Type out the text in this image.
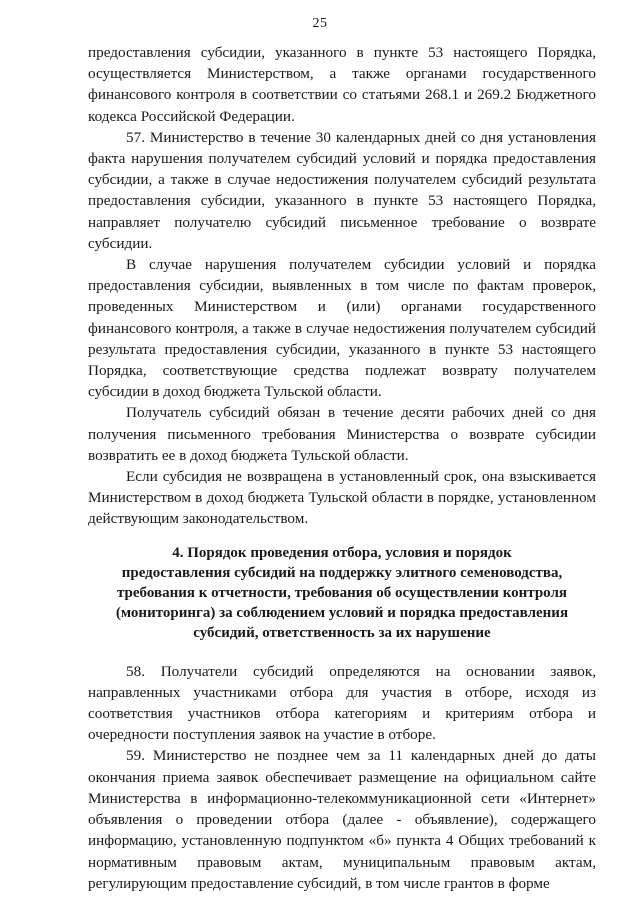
25

предоставления субсидии, указанного в пункте 53 настоящего Порядка, осуществляется Министерством, а также органами государственного финансового контроля в соответствии со статьями 268.1 и 269.2 Бюджетного кодекса Российской Федерации.

57. Министерство в течение 30 календарных дней со дня установления факта нарушения получателем субсидий условий и порядка предоставления субсидии, а также в случае недостижения получателем субсидий результата предоставления субсидии, указанного в пункте 53 настоящего Порядка, направляет получателю субсидий письменное требование о возврате субсидии.

В случае нарушения получателем субсидии условий и порядка предоставления субсидии, выявленных в том числе по фактам проверок, проведенных Министерством и (или) органами государственного финансового контроля, а также в случае недостижения получателем субсидий результата предоставления субсидии, указанного в пункте 53 настоящего Порядка, соответствующие средства подлежат возврату получателем субсидии в доход бюджета Тульской области.

Получатель субсидий обязан в течение десяти рабочих дней со дня получения письменного требования Министерства о возврате субсидии возвратить ее в доход бюджета Тульской области.

Если субсидия не возвращена в установленный срок, она взыскивается Министерством в доход бюджета Тульской области в порядке, установленном действующим законодательством.

4. Порядок проведения отбора, условия и порядок
предоставления субсидий на поддержку элитного семеноводства,
требования к отчетности, требования об осуществлении контроля
(мониторинга) за соблюдением условий и порядка предоставления
субсидий, ответственность за их нарушение

58. Получатели субсидий определяются на основании заявок, направленных участниками отбора для участия в отборе, исходя из соответствия участников отбора категориям и критериям отбора и очередности поступления заявок на участие в отборе.

59. Министерство не позднее чем за 11 календарных дней до даты окончания приема заявок обеспечивает размещение на официальном сайте Министерства в информационно-телекоммуникационной сети «Интернет» объявления о проведении отбора (далее - объявление), содержащего информацию, установленную подпунктом «б» пункта 4 Общих требований к нормативным правовым актам, муниципальным правовым актам, регулирующим предоставление субсидий, в том числе грантов в форме
